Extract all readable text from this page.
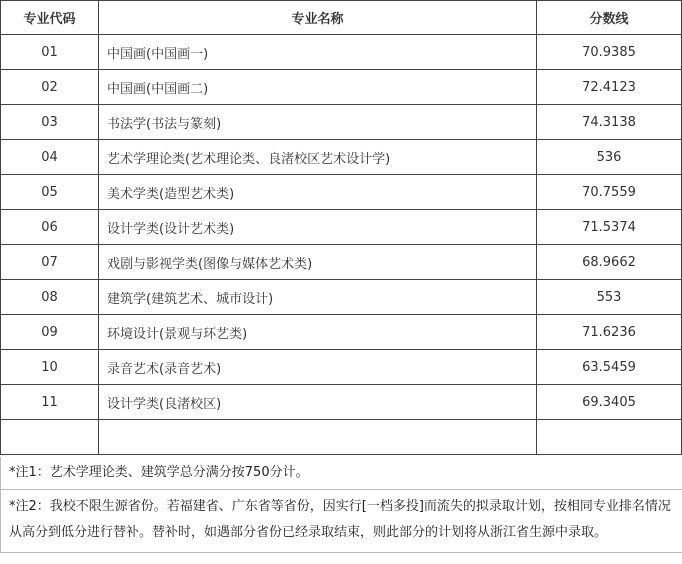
专业代码	专业名称	分数线
01	中国画(中国画一)	70.9385
02	中国画(中国画二)	72.4123
03	书法学(书法与篆刻)	74.3138
04	艺术学理论类(艺术理论类、良渚校区艺术设计学)	536
05	美术学类(造型艺术类)	70.7559
06	设计学类(设计艺术类)	71.5374
07	戏剧与影视学类(图像与媒体艺术类)	68.9662
08	建筑学(建筑艺术、城市设计)	553
09	环境设计(景观与环艺类)	71.6236
10	录音艺术(录音艺术)	63.5459
11	设计学类(良渚校区)	69.3405

*注1：艺术学理论类、建筑学总分满分按750分计。
*注2：我校不限生源省份。若福建省、广东省等省份，因实行[一档多投]而流失的拟录取计划，按相同专业排名情况从高分到低分进行替补。替补时，如遇部分省份已经录取结束，则此部分的计划将从浙江省生源中录取。
